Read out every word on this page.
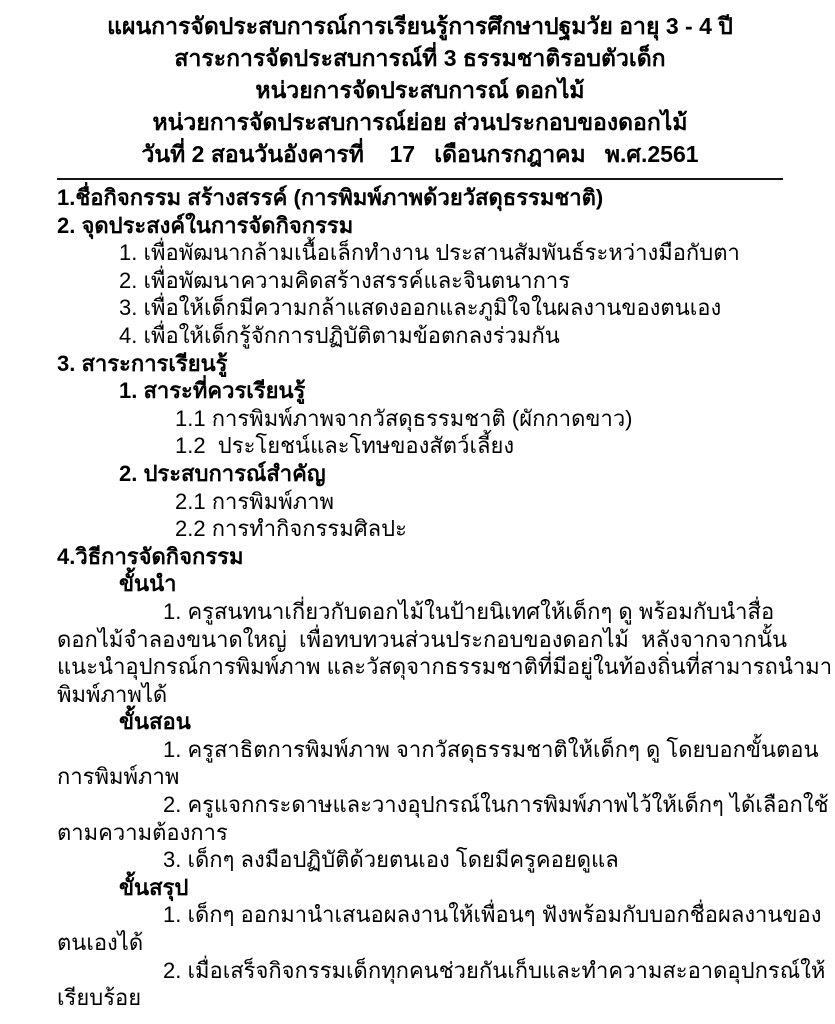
แผนการจัดประสบการณ์การเรียนรู้การศึกษาปฐมวัย อายุ 3 - 4 ปี
สาระการจัดประสบการณ์ที่ 3 ธรรมชาติรอบตัวเด็ก
หน่วยการจัดประสบการณ์ ดอกไม้
หน่วยการจัดประสบการณ์ย่อย ส่วนประกอบของดอกไม้
วันที่ 2 สอนวันอังคารที่    17   เดือนกรกฎาคม   พ.ศ.2561
1.ชื่อกิจกรรม สร้างสรรค์ (การพิมพ์ภาพด้วยวัสดุธรรมชาติ)
2. จุดประสงค์ในการจัดกิจกรรม
1. เพื่อพัฒนากล้ามเนื้อเล็กทำงาน ประสานสัมพันธ์ระหว่างมือกับตา
2. เพื่อพัฒนาความคิดสร้างสรรค์และจินตนาการ
3. เพื่อให้เด็กมีความกล้าแสดงออกและภูมิใจในผลงานของตนเอง
4. เพื่อให้เด็กรู้จักการปฏิบัติตามข้อตกลงร่วมกัน
3. สาระการเรียนรู้
1. สาระที่ควรเรียนรู้
1.1 การพิมพ์ภาพจากวัสดุธรรมชาติ (ผักกาดขาว)
1.2  ประโยชน์และโทษของสัตว์เลี้ยง
2. ประสบการณ์สำคัญ
2.1 การพิมพ์ภาพ
2.2 การทำกิจกรรมศิลปะ
4.วิธีการจัดกิจกรรม
ขั้นนำ
1. ครูสนทนาเกี่ยวกับดอกไม้ในป้ายนิเทศให้เด็กๆ ดู พร้อมกับนำสื่อ
ดอกไม้จำลองขนาดใหญ่  เพื่อทบทวนส่วนประกอบของดอกไม้  หลังจากจากนั้น
แนะนำอุปกรณ์การพิมพ์ภาพ และวัสดุจากธรรมชาติที่มีอยู่ในท้องถิ่นที่สามารถนำมา
พิมพ์ภาพได้
ขั้นสอน
1. ครูสาธิตการพิมพ์ภาพ จากวัสดุธรรมชาติให้เด็กๆ ดู โดยบอกขั้นตอน
การพิมพ์ภาพ
2. ครูแจกกระดาษและวางอุปกรณ์ในการพิมพ์ภาพไว้ให้เด็กๆ ได้เลือกใช้
ตามความต้องการ
3. เด็กๆ ลงมือปฏิบัติด้วยตนเอง โดยมีครูคอยดูแล
ขั้นสรุป
1. เด็กๆ ออกมานำเสนอผลงานให้เพื่อนๆ ฟังพร้อมกับบอกชื่อผลงานของ
ตนเองได้
2. เมื่อเสร็จกิจกรรมเด็กทุกคนช่วยกันเก็บและทำความสะอาดอุปกรณ์ให้
เรียบร้อย
